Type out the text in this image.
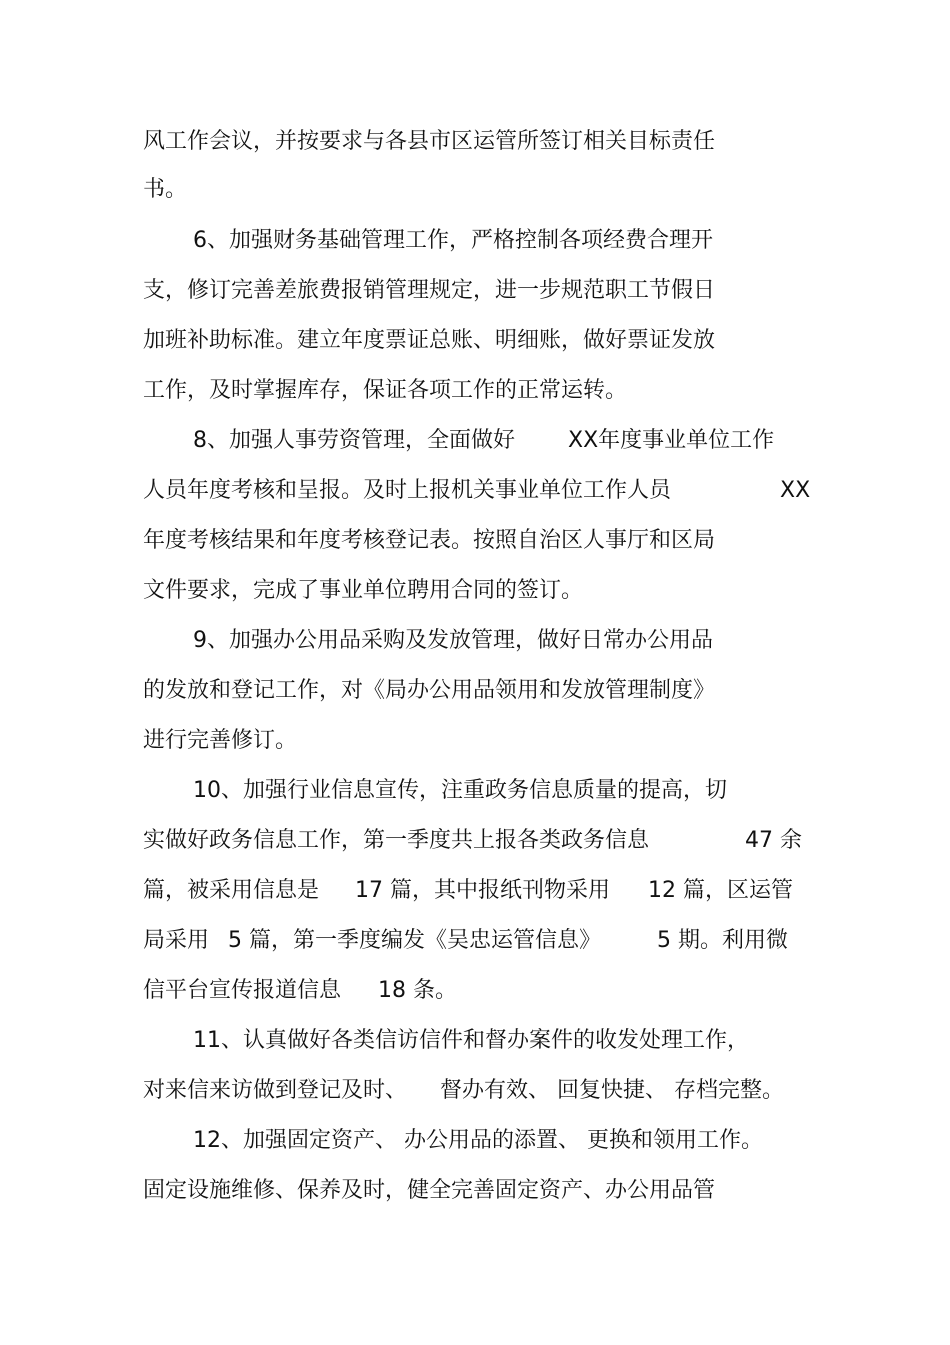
风工作会议，并按要求与各县市区运管所签订相关目标责任
书。
6、加强财务基础管理工作，严格控制各项经费合理开
支，修订完善差旅费报销管理规定，进一步规范职工节假日
加班补助标准。建立年度票证总账、明细账，做好票证发放
工作，及时掌握库存，保证各项工作的正常运转。
8、加强人事劳资管理，全面做好 XX年度事业单位工作
人员年度考核和呈报。及时上报机关事业单位工作人员	XX
年度考核结果和年度考核登记表。按照自治区人事厅和区局
文件要求，完成了事业单位聘用合同的签订。
9、加强办公用品采购及发放管理，做好日常办公用品
的发放和登记工作，对《局办公用品领用和发放管理制度》
进行完善修订。
10、加强行业信息宣传，注重政务信息质量的提高，切
实做好政务信息工作，第一季度共上报各类政务信息	47 余
篇，被采用信息是 17 篇，其中报纸刊物采用 12 篇，区运管
局采用 5 篇，第一季度编发《吴忠运管信息》	5 期。利用微
信平台宣传报道信息 18 条。
11、认真做好各类信访信件和督办案件的收发处理工作，
对来信来访做到登记及时、 督办有效、 回复快捷、 存档完整。
12、加强固定资产、 办公用品的添置、 更换和领用工作。
固定设施维修、保养及时，健全完善固定资产、办公用品管
